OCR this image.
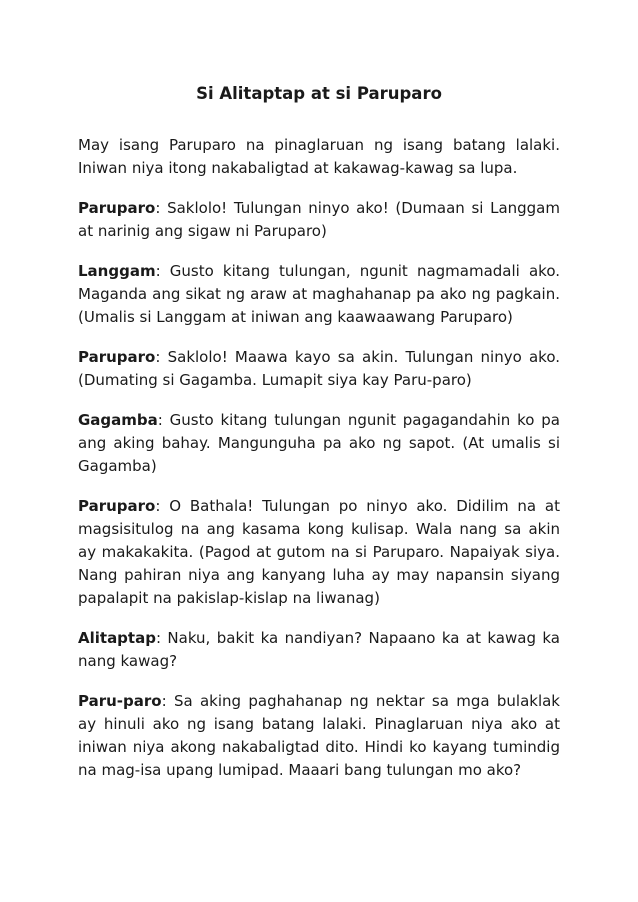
Si Alitaptap at si Paruparo

May isang Paruparo na pinaglaruan ng isang batang lalaki. Iniwan niya itong nakabaligtad at kakawag-kawag sa lupa.

Paruparo: Saklolo! Tulungan ninyo ako! (Dumaan si Langgam at narinig ang sigaw ni Paruparo)

Langgam: Gusto kitang tulungan, ngunit nagmamadali ako. Maganda ang sikat ng araw at maghahanap pa ako ng pagkain. (Umalis si Langgam at iniwan ang kaawaawang Paruparo)

Paruparo: Saklolo! Maawa kayo sa akin. Tulungan ninyo ako. (Dumating si Gagamba. Lumapit siya kay Paru-paro)

Gagamba: Gusto kitang tulungan ngunit pagagandahin ko pa ang aking bahay. Mangunguha pa ako ng sapot. (At umalis si Gagamba)

Paruparo: O Bathala! Tulungan po ninyo ako. Didilim na at magsisitulog na ang kasama kong kulisap. Wala nang sa akin ay makakakita. (Pagod at gutom na si Paruparo. Napaiyak siya. Nang pahiran niya ang kanyang luha ay may napansin siyang papalapit na pakislap-kislap na liwanag)

Alitaptap: Naku, bakit ka nandiyan? Napaano ka at kawag ka nang kawag?

Paru-paro: Sa aking paghahanap ng nektar sa mga bulaklak ay hinuli ako ng isang batang lalaki. Pinaglaruan niya ako at iniwan niya akong nakabaligtad dito. Hindi ko kayang tumindig na mag-isa upang lumipad. Maaari bang tulungan mo ako?
